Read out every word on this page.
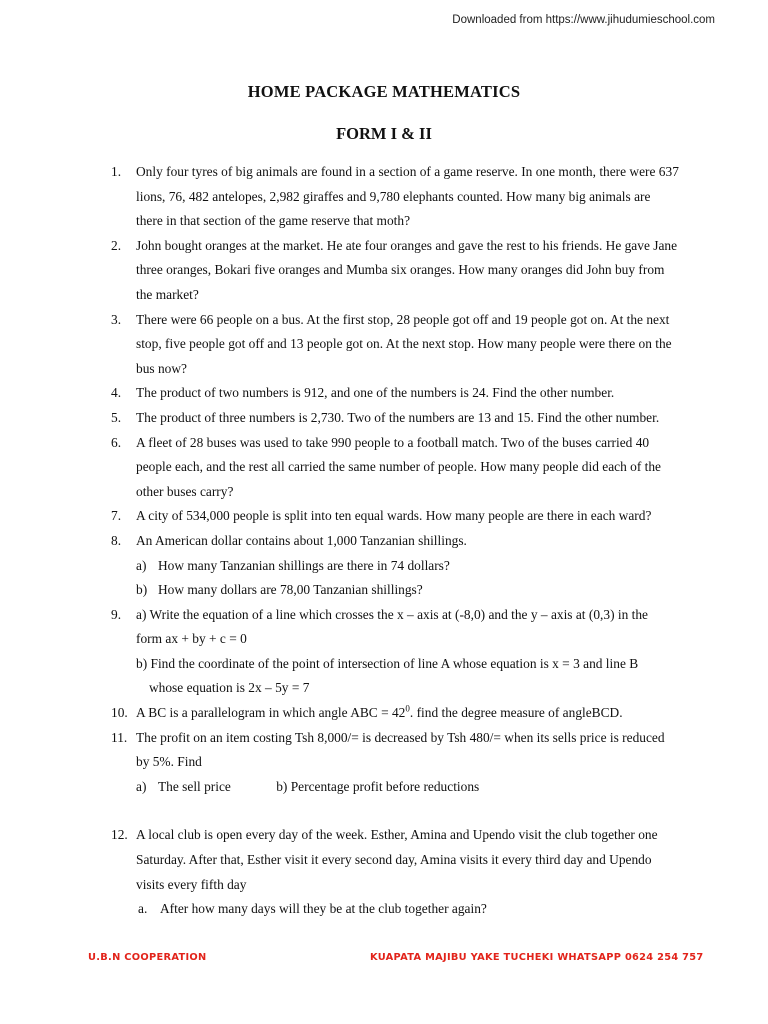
Downloaded from https://www.jihudumieschool.com
HOME PACKAGE MATHEMATICS
FORM I & II
1. Only four tyres of big animals are found in a section of a game reserve. In one month, there were 637 lions, 76, 482 antelopes, 2,982 giraffes and 9,780 elephants counted. How many big animals are there in that section of the game reserve that moth?
2. John bought oranges at the market. He ate four oranges and gave the rest to his friends. He gave Jane three oranges, Bokari five oranges and Mumba six oranges. How many oranges did John buy from the market?
3. There were 66 people on a bus. At the first stop, 28 people got off and 19 people got on. At the next stop, five people got off and 13 people got on. At the next stop. How many people were there on the bus now?
4. The product of two numbers is 912, and one of the numbers is 24. Find the other number.
5. The product of three numbers is 2,730. Two of the numbers are 13 and 15. Find the other number.
6. A fleet of 28 buses was used to take 990 people to a football match. Two of the buses carried 40 people each, and the rest all carried the same number of people. How many people did each of the other buses carry?
7. A city of 534,000 people is split into ten equal wards. How many people are there in each ward?
8. An American dollar contains about 1,000 Tanzanian shillings.
a) How many Tanzanian shillings are there in 74 dollars?
b) How many dollars are 78,00 Tanzanian shillings?
9. a) Write the equation of a line which crosses the x – axis at (-8,0) and the y – axis at (0,3) in the
form ax + by + c = 0
b) Find the coordinate of the point of intersection of line A whose equation is x = 3 and line B
whose equation is 2x – 5y = 7
10. A BC is a parallelogram in which angle ABC = $42^0$. find the degree measure of angleBCD.
11. The profit on an item costing Tsh 8,000/= is decreased by Tsh 480/= when its sells price is reduced by 5%. Find
a) The sell price	b) Percentage profit before reductions
12. A local club is open every day of the week. Esther, Amina and Upendo visit the club together one Saturday. After that, Esther visit it every second day, Amina visits it every third day and Upendo visits every fifth day
a. After how many days will they be at the club together again?
U.B.N COOPERATION	KUAPATA MAJIBU YAKE TUCHEKI WHATSAPP 0624 254 757
